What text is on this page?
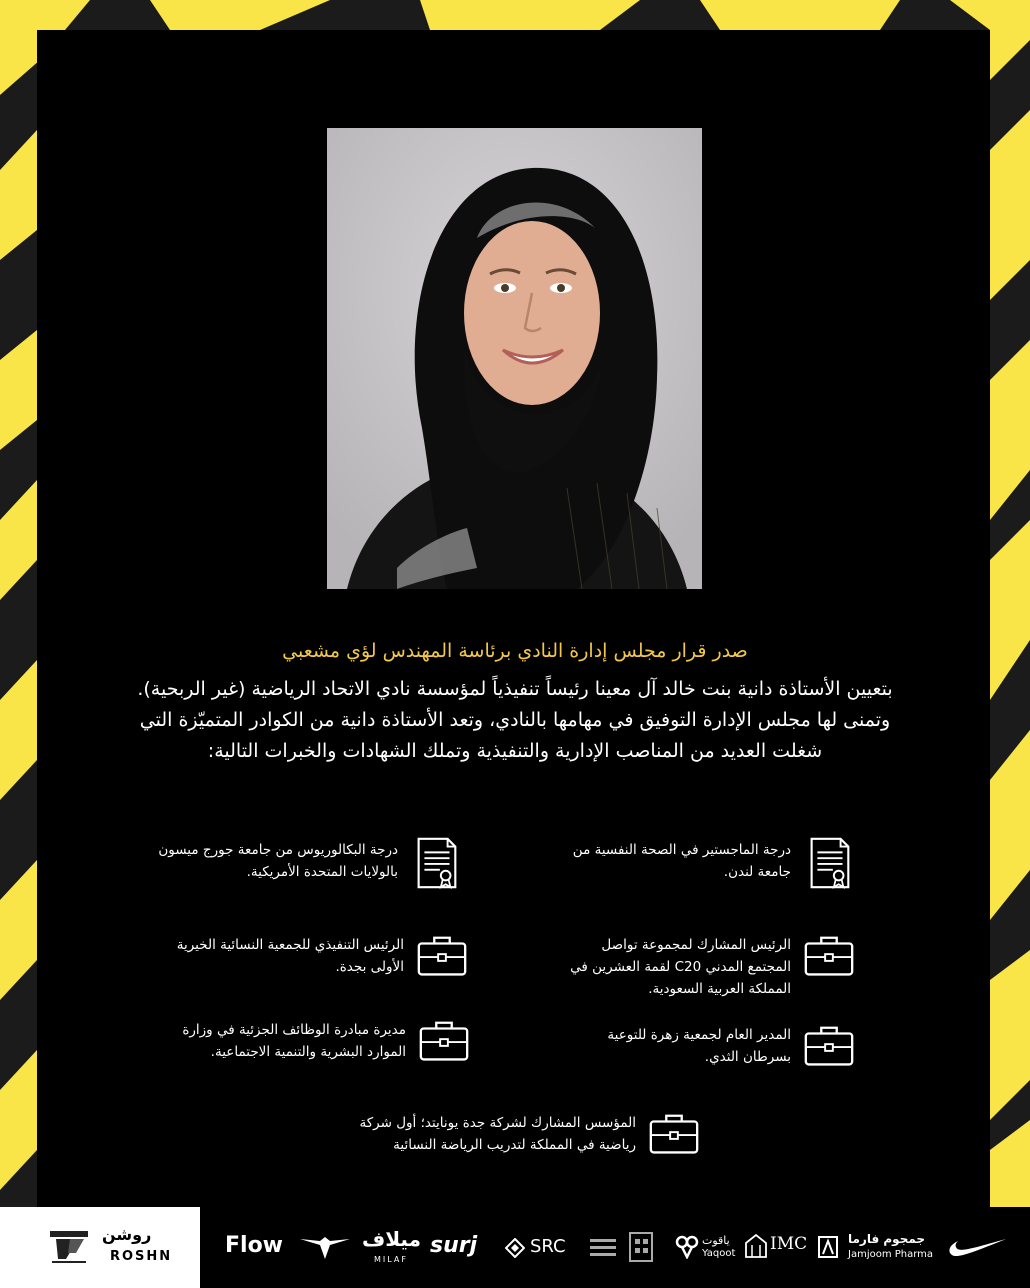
صدر قرار مجلس إدارة النادي برئاسة المهندس لؤي مشعبي

بتعيين الأستاذة دانية بنت خالد آل معينا رئيساً تنفيذياً لمؤسسة نادي الاتحاد الرياضية (غير الربحية).

وتمنى لها مجلس الإدارة التوفيق في مهامها بالنادي، وتعد الأستاذة دانية من الكوادر المتميّزة التي

شغلت العديد من المناصب الإدارية والتنفيذية وتملك الشهادات والخبرات التالية:

درجة الماجستير في الصحة النفسية من
جامعة لندن.
درجة البكالوريوس من جامعة جورج ميسون
بالولايات المتحدة الأمريكية.
الرئيس المشارك لمجموعة تواصل
المجتمع المدني C20 لقمة العشرين في
المملكة العربية السعودية.
الرئيس التنفيذي للجمعية النسائية الخيرية
الأولى بجدة.
المدير العام لجمعية زهرة للتوعية
بسرطان الثدي.
مديرة مبادرة الوظائف الجزئية في وزارة
الموارد البشرية والتنمية الاجتماعية.
المؤسس المشارك لشركة جدة يونايتد؛ أول شركة
رياضية في المملكة لتدريب الرياضة النسائية
روشن
ROSHN Flow	ميلاف
MILAF
surj	SRC	ياقوت
Yaqoot IMC	جمجوم فارما
Jamjoom Pharma
